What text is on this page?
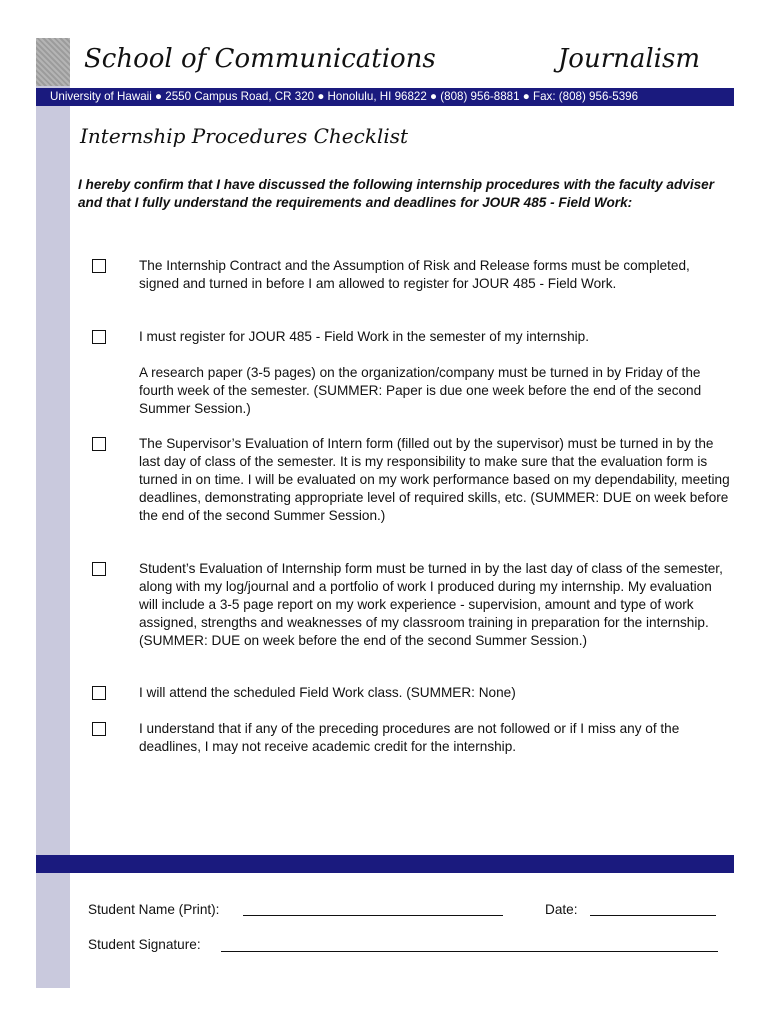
School of Communications	Journalism
University of Hawaii ● 2550 Campus Road, CR 320 ● Honolulu, HI 96822 ● (808) 956-8881 ● Fax: (808) 956-5396
Internship Procedures Checklist

I hereby confirm that I have discussed the following internship procedures with the faculty adviser and that I fully understand the requirements and deadlines for JOUR 485 - Field Work:

The Internship Contract and the Assumption of Risk and Release forms must be completed, signed and turned in before I am allowed to register for JOUR 485 - Field Work.

I must register for JOUR 485 - Field Work in the semester of my internship.

A research paper (3-5 pages) on the organization/company must be turned in by Friday of the fourth week of the semester. (SUMMER: Paper is due one week before the end of the second Summer Session.)

The Supervisor’s Evaluation of Intern form (filled out by the supervisor) must be turned in by the last day of class of the semester. It is my responsibility to make sure that the evaluation form is turned in on time. I will be evaluated on my work performance based on my dependability, meeting deadlines, demonstrating appropriate level of required skills, etc. (SUMMER: DUE on week before the end of the second Summer Session.)

Student’s Evaluation of Internship form must be turned in by the last day of class of the semester, along with my log/journal and a portfolio of work I produced during my internship. My evaluation will include a 3-5 page report on my work experience - supervision, amount and type of work assigned, strengths and weaknesses of my classroom training in preparation for the internship. (SUMMER: DUE on week before the end of the second Summer Session.)

I will attend the scheduled Field Work class. (SUMMER: None)

I understand that if any of the preceding procedures are not followed or if I miss any of the deadlines, I may not receive academic credit for the internship.

Student Name (Print):	Date:
Student Signature:
